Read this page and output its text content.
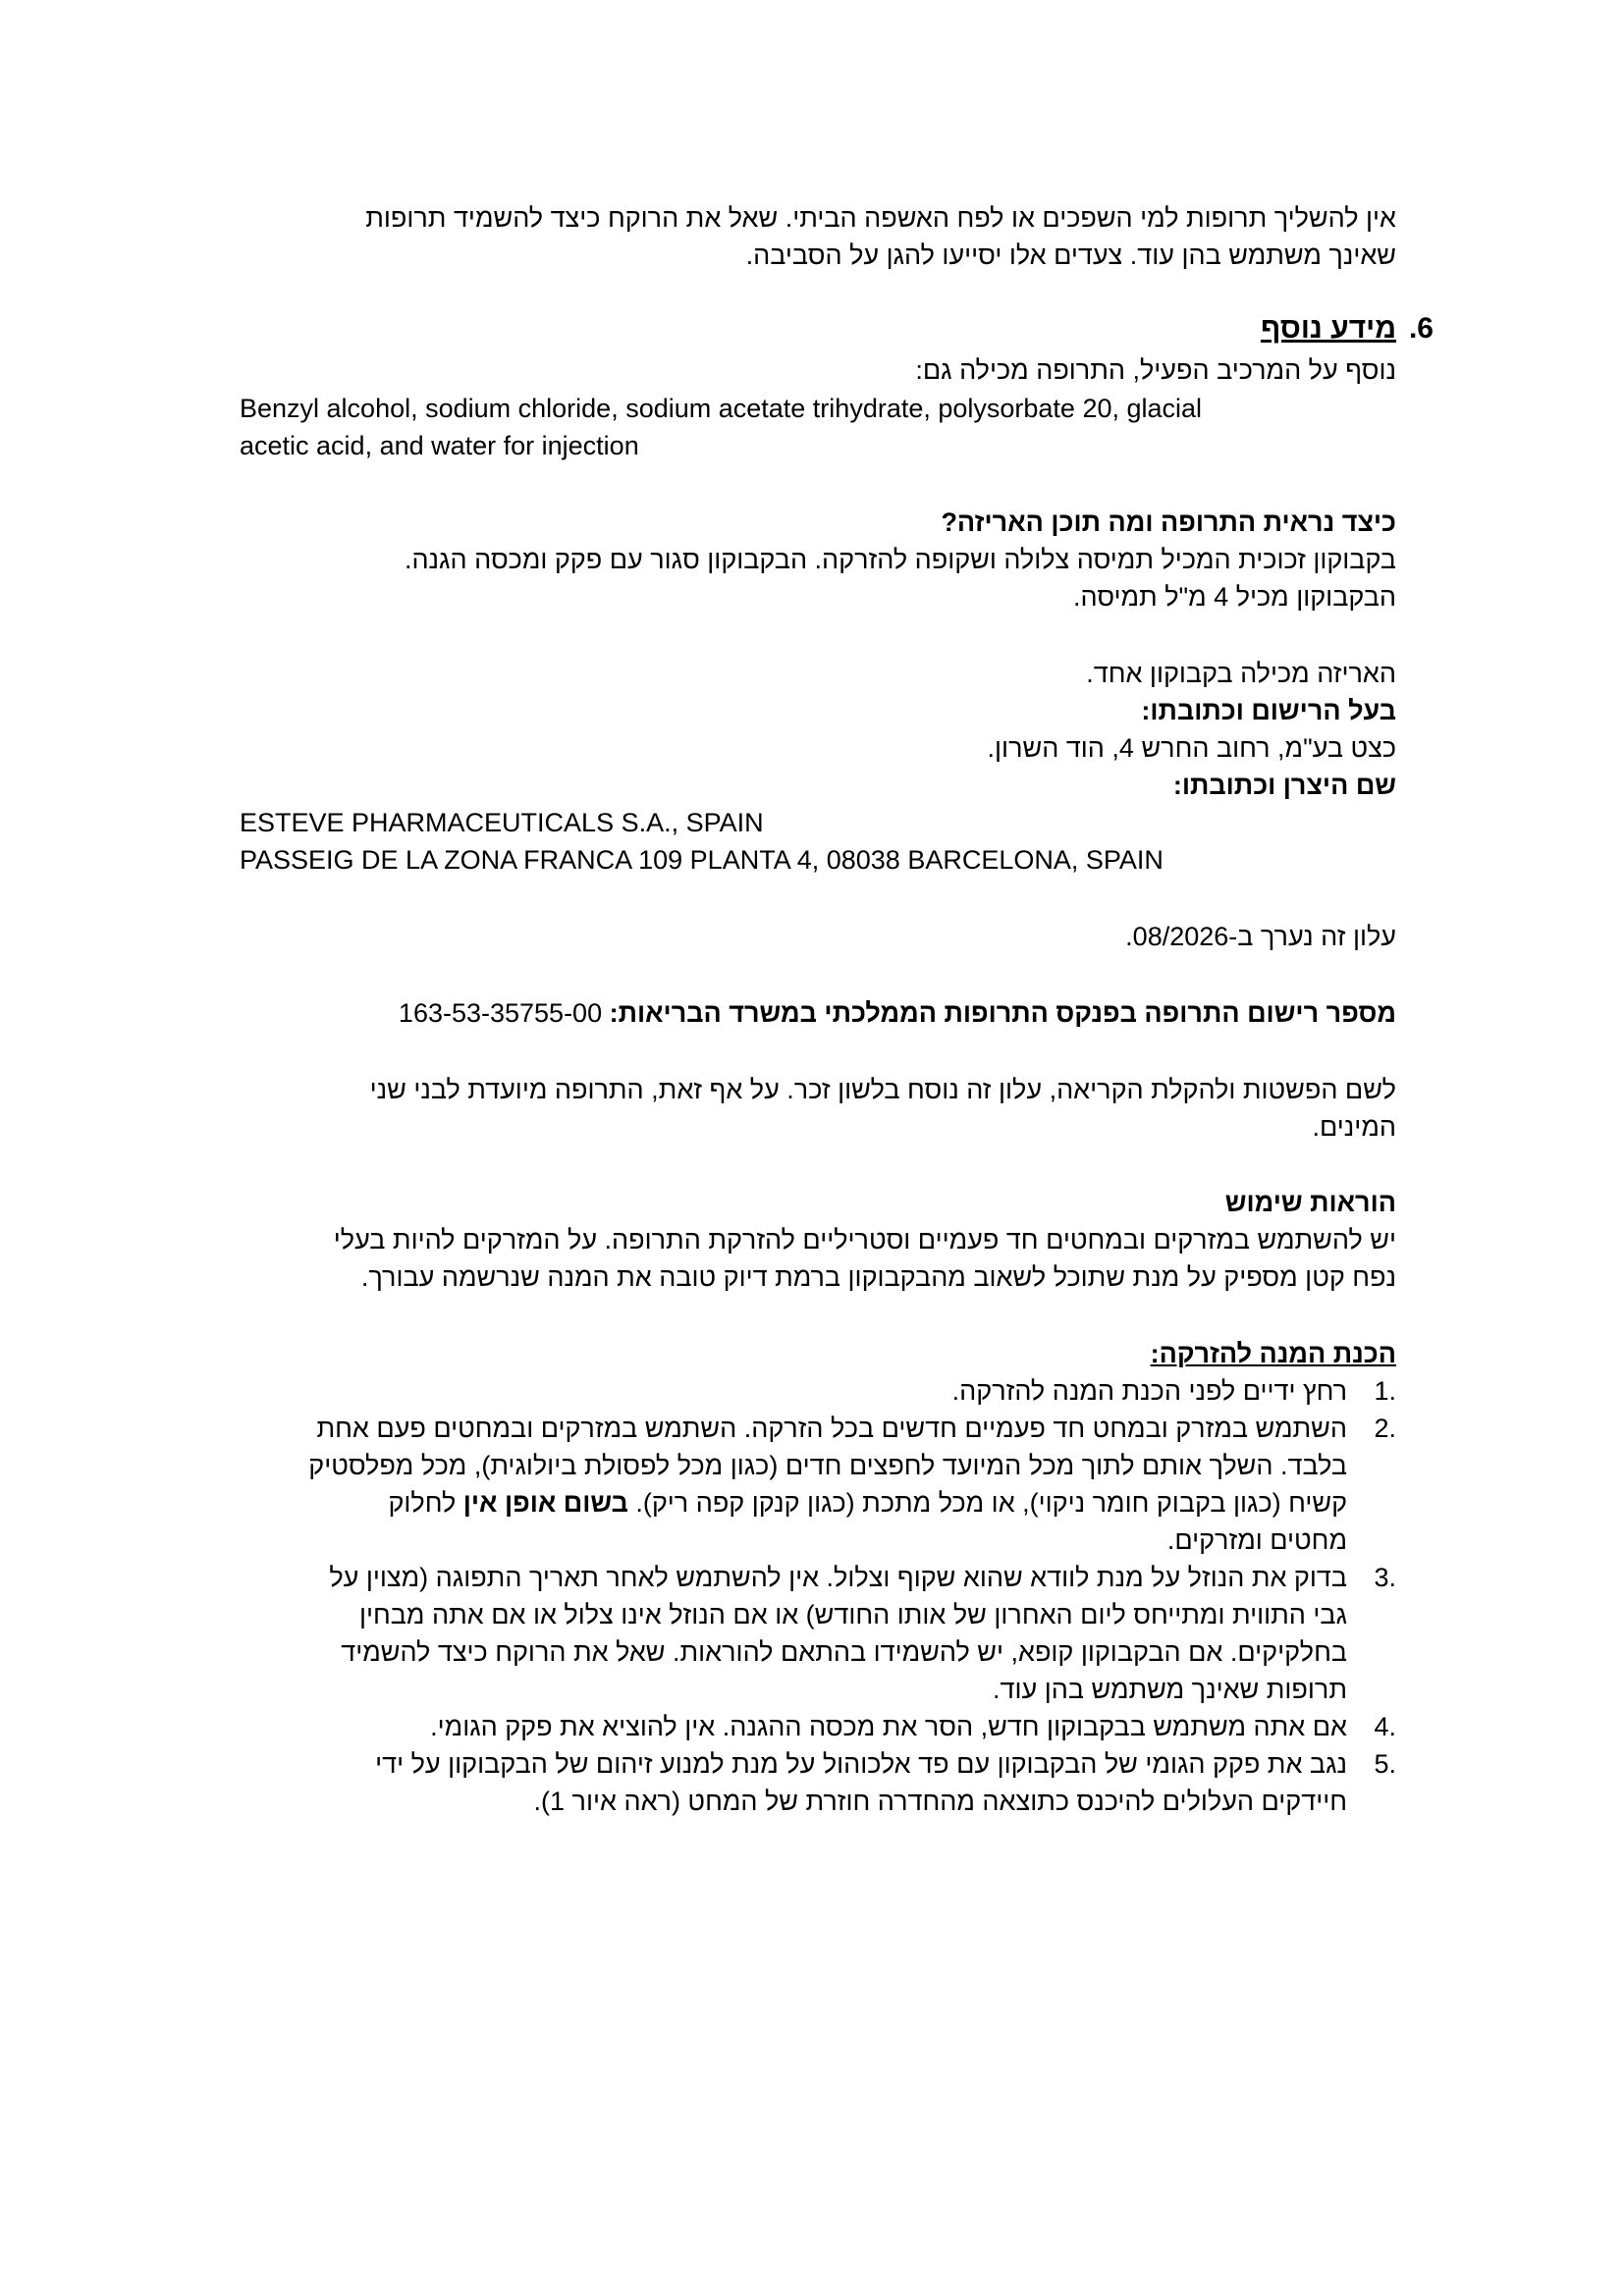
אין להשליך תרופות למי השפכים או לפח האשפה הביתי. שאל את הרוקח כיצד להשמיד תרופות
שאינך משתמש בהן עוד. צעדים אלו יסייעו להגן על הסביבה.
.6
מידע נוסף
נוסף על המרכיב הפעיל, התרופה מכילה גם:
Benzyl alcohol, sodium chloride, sodium acetate trihydrate, polysorbate 20, glacial
acetic acid, and water for injection
כיצד נראית התרופה ומה תוכן האריזה?
בקבוקון זכוכית המכיל תמיסה צלולה ושקופה להזרקה. הבקבוקון סגור עם פקק ומכסה הגנה.
הבקבוקון מכיל 4 מ"ל תמיסה.
האריזה מכילה בקבוקון אחד.
בעל הרישום וכתובתו:
כצט בע"מ, רחוב החרש 4, הוד השרון.
שם היצרן וכתובתו:
ESTEVE PHARMACEUTICALS S.A., SPAIN
PASSEIG DE LA ZONA FRANCA 109 PLANTA 4, 08038 BARCELONA, SPAIN
עלון זה נערך ב-08/2026.
מספר רישום התרופה בפנקס התרופות הממלכתי במשרד הבריאות: 163-53-35755-00
לשם הפשטות ולהקלת הקריאה, עלון זה נוסח בלשון זכר. על אף זאת, התרופה מיועדת לבני שני
המינים.
הוראות שימוש
יש להשתמש במזרקים ובמחטים חד פעמיים וסטריליים להזרקת התרופה. על המזרקים להיות בעלי
נפח קטן מספיק על מנת שתוכל לשאוב מהבקבוקון ברמת דיוק טובה את המנה שנרשמה עבורך.
הכנת המנה להזרקה:
1.
רחץ ידיים לפני הכנת המנה להזרקה.
2.
השתמש במזרק ובמחט חד פעמיים חדשים בכל הזרקה. השתמש במזרקים ובמחטים פעם אחת
בלבד. השלך אותם לתוך מכל המיועד לחפצים חדים (כגון מכל לפסולת ביולוגית), מכל מפלסטיק
קשיח (כגון בקבוק חומר ניקוי), או מכל מתכת (כגון קנקן קפה ריק). בשום אופן אין לחלוק
מחטים ומזרקים.
3.
בדוק את הנוזל על מנת לוודא שהוא שקוף וצלול. אין להשתמש לאחר תאריך התפוגה (מצוין על
גבי התווית ומתייחס ליום האחרון של אותו החודש) או אם הנוזל אינו צלול או אם אתה מבחין
בחלקיקים. אם הבקבוקון קופא, יש להשמידו בהתאם להוראות. שאל את הרוקח כיצד להשמיד
תרופות שאינך משתמש בהן עוד.
4.
אם אתה משתמש בבקבוקון חדש, הסר את מכסה ההגנה. אין להוציא את פקק הגומי.
5.
נגב את פקק הגומי של הבקבוקון עם פד אלכוהול על מנת למנוע זיהום של הבקבוקון על ידי
חיידקים העלולים להיכנס כתוצאה מהחדרה חוזרת של המחט (ראה איור 1).
